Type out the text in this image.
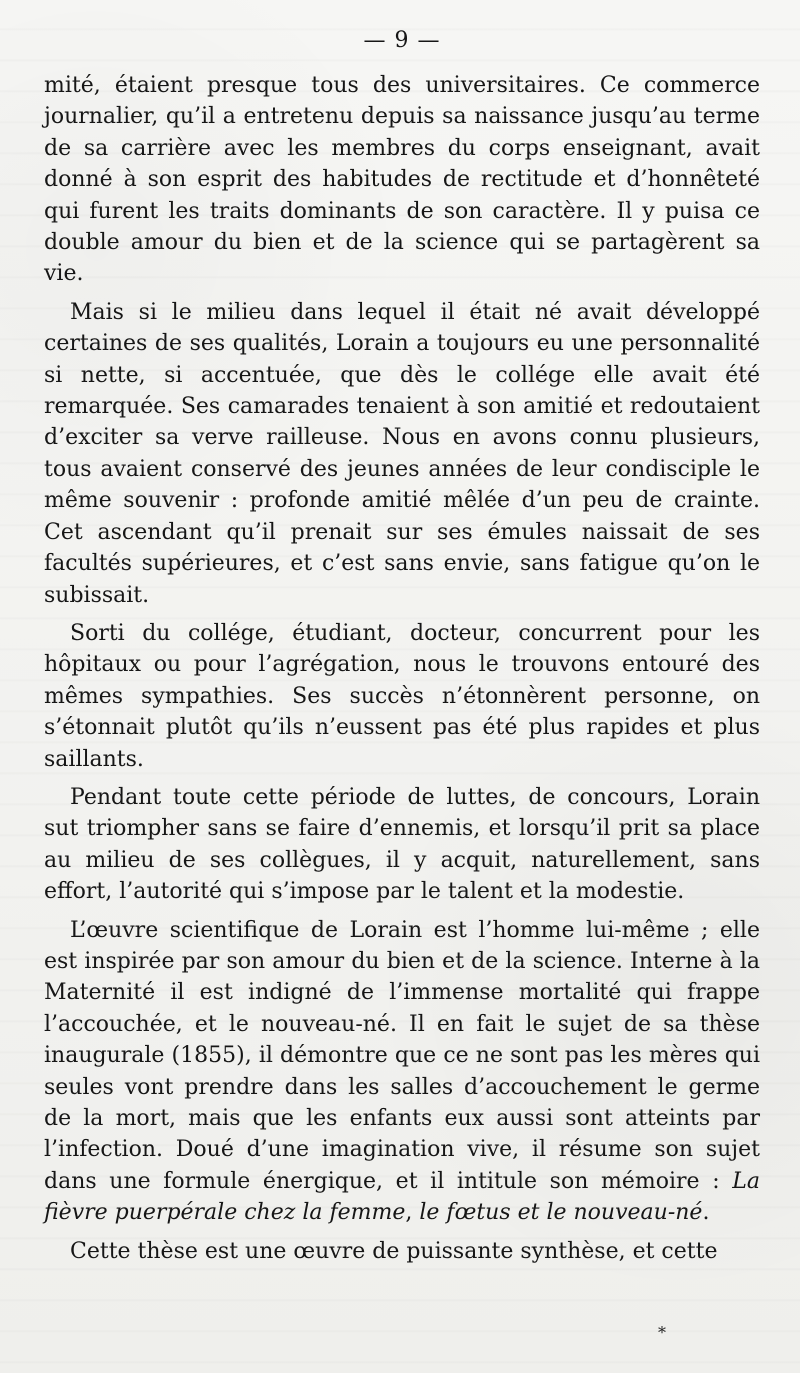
— 9 —

mité, étaient presque tous des universitaires. Ce commerce journalier, qu’il a entretenu depuis sa naissance jusqu’au terme de sa carrière avec les membres du corps enseignant, avait donné à son esprit des habitudes de rectitude et d’honnêteté qui furent les traits dominants de son caractère. Il y puisa ce double amour du bien et de la science qui se partagèrent sa vie.

Mais si le milieu dans lequel il était né avait développé certaines de ses qualités, Lorain a toujours eu une personnalité si nette, si accentuée, que dès le collége elle avait été remarquée. Ses camarades tenaient à son amitié et redoutaient d’exciter sa verve railleuse. Nous en avons connu plusieurs, tous avaient conservé des jeunes années de leur condisciple le même souvenir : profonde amitié mêlée d’un peu de crainte. Cet ascendant qu’il prenait sur ses émules naissait de ses facultés supérieures, et c’est sans envie, sans fatigue qu’on le subissait.

Sorti du collége, étudiant, docteur, concurrent pour les hôpitaux ou pour l’agrégation, nous le trouvons entouré des mêmes sympathies. Ses succès n’étonnèrent personne, on s’étonnait plutôt qu’ils n’eussent pas été plus rapides et plus saillants.

Pendant toute cette période de luttes, de concours, Lorain sut triompher sans se faire d’ennemis, et lorsqu’il prit sa place au milieu de ses collègues, il y acquit, naturellement, sans effort, l’autorité qui s’impose par le talent et la modestie.

L’œuvre scientifique de Lorain est l’homme lui-même ; elle est inspirée par son amour du bien et de la science. Interne à la Maternité il est indigné de l’immense mortalité qui frappe l’accouchée, et le nouveau-né. Il en fait le sujet de sa thèse inaugurale (1855), il démontre que ce ne sont pas les mères qui seules vont prendre dans les salles d’accouchement le germe de la mort, mais que les enfants eux aussi sont atteints par l’infection. Doué d’une imagination vive, il résume son sujet dans une formule énergique, et il intitule son mémoire : La fièvre puerpérale chez la femme, le fœtus et le nouveau-né.

Cette thèse est une œuvre de puissante synthèse, et cette

*
